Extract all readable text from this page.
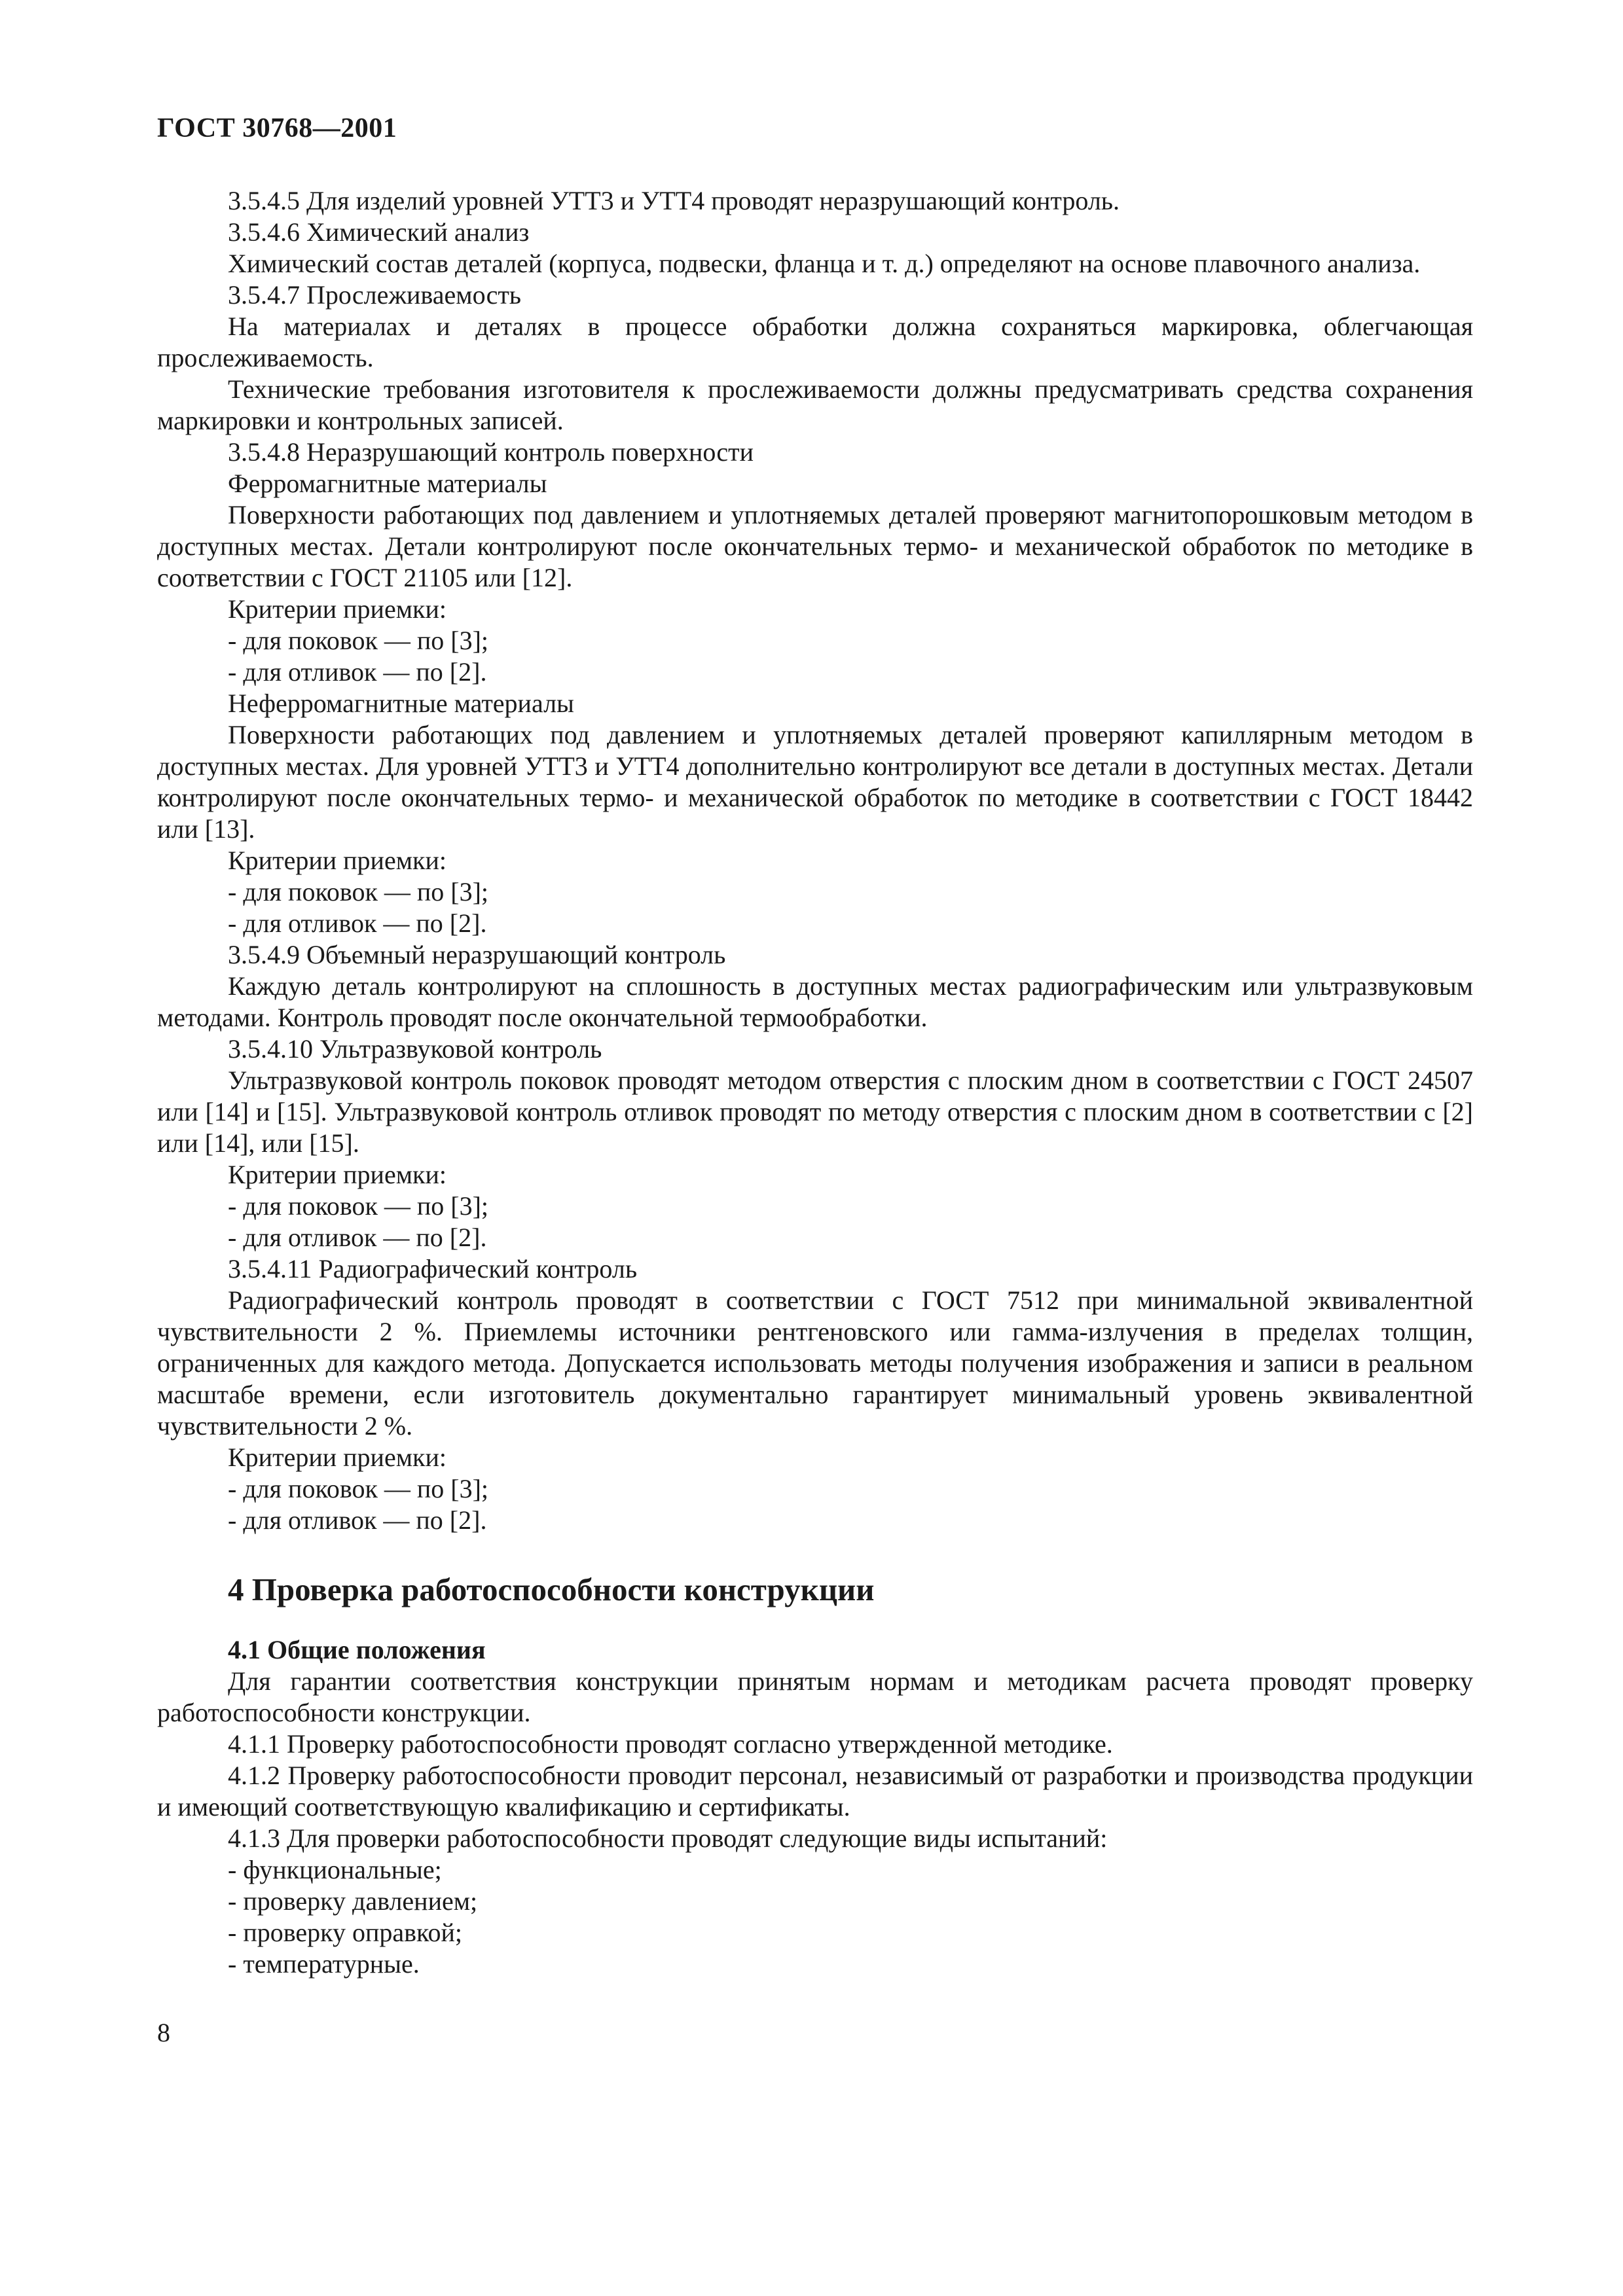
ГОСТ 30768—2001

3.5.4.5 Для изделий уровней УТТ3 и УТТ4 проводят неразрушающий контроль.

3.5.4.6 Химический анализ

Химический состав деталей (корпуса, подвески, фланца и т. д.) определяют на основе плавочного анализа.

3.5.4.7 Прослеживаемость

На материалах и деталях в процессе обработки должна сохраняться маркировка, облегчающая прослеживаемость.

Технические требования изготовителя к прослеживаемости должны предусматривать средства сохранения маркировки и контрольных записей.

3.5.4.8 Неразрушающий контроль поверхности

Ферромагнитные материалы

Поверхности работающих под давлением и уплотняемых деталей проверяют магнитопорошковым методом в доступных местах. Детали контролируют после окончательных термо- и механической обработок по методике в соответствии с ГОСТ 21105 или [12].

Критерии приемки:

- для поковок — по [3];

- для отливок — по [2].

Неферромагнитные материалы

Поверхности работающих под давлением и уплотняемых деталей проверяют капиллярным методом в доступных местах. Для уровней УТТ3 и УТТ4 дополнительно контролируют все детали в доступных местах. Детали контролируют после окончательных термо- и механической обработок по методике в соответствии с ГОСТ 18442 или [13].

Критерии приемки:

- для поковок — по [3];

- для отливок — по [2].

3.5.4.9 Объемный неразрушающий контроль

Каждую деталь контролируют на сплошность в доступных местах радиографическим или ультразвуковым методами. Контроль проводят после окончательной термообработки.

3.5.4.10 Ультразвуковой контроль

Ультразвуковой контроль поковок проводят методом отверстия с плоским дном в соответствии с ГОСТ 24507 или [14] и [15]. Ультразвуковой контроль отливок проводят по методу отверстия с плоским дном в соответствии с [2] или [14], или [15].

Критерии приемки:

- для поковок — по [3];

- для отливок — по [2].

3.5.4.11 Радиографический контроль

Радиографический контроль проводят в соответствии с ГОСТ 7512 при минимальной эквивалентной чувствительности 2 %. Приемлемы источники рентгеновского или гамма-излучения в пределах толщин, ограниченных для каждого метода. Допускается использовать методы получения изображения и записи в реальном масштабе времени, если изготовитель документально гарантирует минимальный уровень эквивалентной чувствительности 2 %.

Критерии приемки:

- для поковок — по [3];

- для отливок — по [2].

4 Проверка работоспособности конструкции

4.1 Общие положения

Для гарантии соответствия конструкции принятым нормам и методикам расчета проводят проверку работоспособности конструкции.

4.1.1 Проверку работоспособности проводят согласно утвержденной методике.

4.1.2 Проверку работоспособности проводит персонал, независимый от разработки и производства продукции и имеющий соответствующую квалификацию и сертификаты.

4.1.3 Для проверки работоспособности проводят следующие виды испытаний:

- функциональные;

- проверку давлением;

- проверку оправкой;

- температурные.

8
